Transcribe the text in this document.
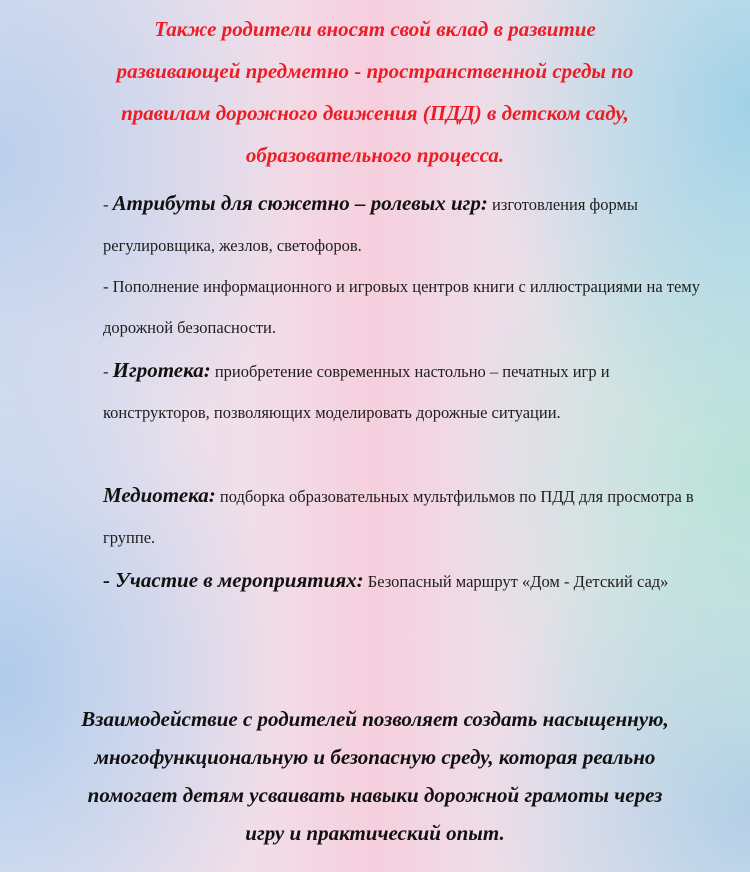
Также родители вносят свой вклад в развитие развивающей предметно - пространственной среды по правилам дорожного движения (ПДД) в детском саду, образовательного процесса.

- Атрибуты для сюжетно – ролевых игр: изготовления формы регулировщика, жезлов, светофоров.

- Пополнение информационного и игровых центров книги с иллюстрациями на тему дорожной безопасности.

- Игротека: приобретение современных настольно – печатных игр и конструкторов, позволяющих моделировать дорожные ситуации.

Медиотека: подборка образовательных мультфильмов по ПДД для просмотра в группе.

- Участие в мероприятиях: Безопасный маршрут «Дом - Детский сад»

Взаимодействие с родителей позволяет создать насыщенную, многофункциональную и безопасную среду, которая реально помогает детям усваивать навыки дорожной грамоты через игру и практический опыт.
